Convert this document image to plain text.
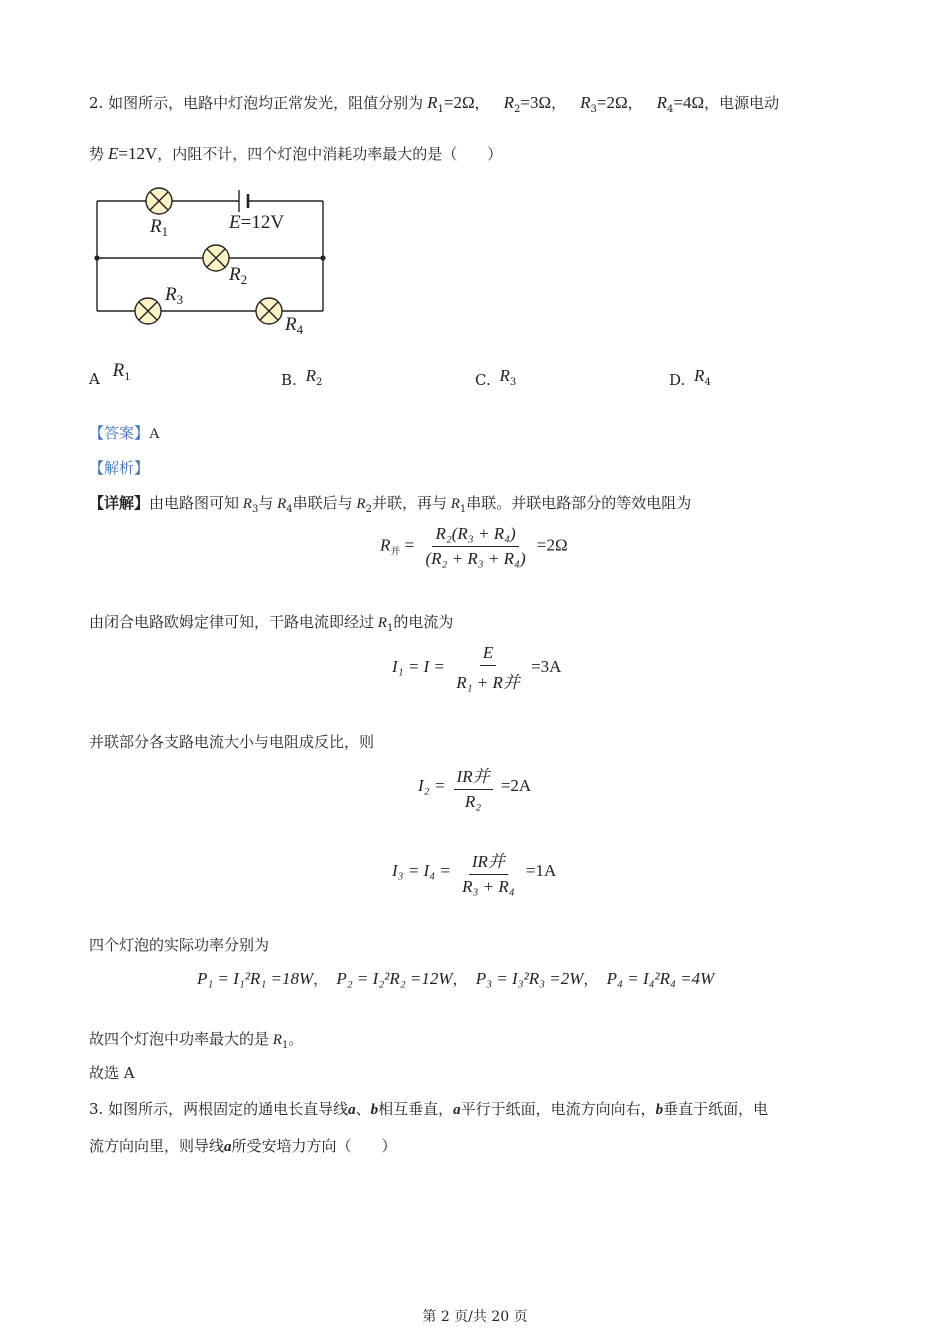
2. 如图所示，电路中灯泡均正常发光，阻值分别为 $R_1=2\Omega$， $R_2=3\Omega$， $R_3=2\Omega$， $R_4=4\Omega$，电源电动
势 E=12V，内阻不计，四个灯泡中消耗功率最大的是（　　）
$R_1$	E=12V
$R_2$
$R_3$
$R_4$
A $R_1$	B. R2	C. R3	D. R4
【答案】A
【解析】
【详解】由电路图可知 $R_3$与 $R_4$串联后与 $R_2$并联，再与 $R_1$串联。并联电路部分的等效电阻为
$R_并 = \frac{\text{R₂(R₃ + R₄)}}{\text{(R₂ + R₃ + R₄)}} =2\Omega$
由闭合电路欧姆定律可知，干路电流即经过 $R_1$的电流为
$I_1 = I = \frac{E}{\text{R₁ + R并}} =3A$
并联部分各支路电流大小与电阻成反比，则
$I_2 = \frac{\text{IR并}}{\text{R₂}} =2A$
$I_3 = I_4 = \frac{\text{IR并}}{\text{R₃ + R₄}} =1A$
四个灯泡的实际功率分别为
P₁ = I₁²R₁ =18W， P₂ = I₂²R₂ =12W， P₃ = I₃²R₃ =2W， P₄ = I₄²R₄ =4W
故四个灯泡中功率最大的是 $R_1$。
故选 A
3. 如图所示，两根固定的通电长直导线a、b相互垂直，a平行于纸面，电流方向向右，b垂直于纸面，电
流方向向里，则导线a所受安培力方向（　　）
第 2 页/共 20 页
